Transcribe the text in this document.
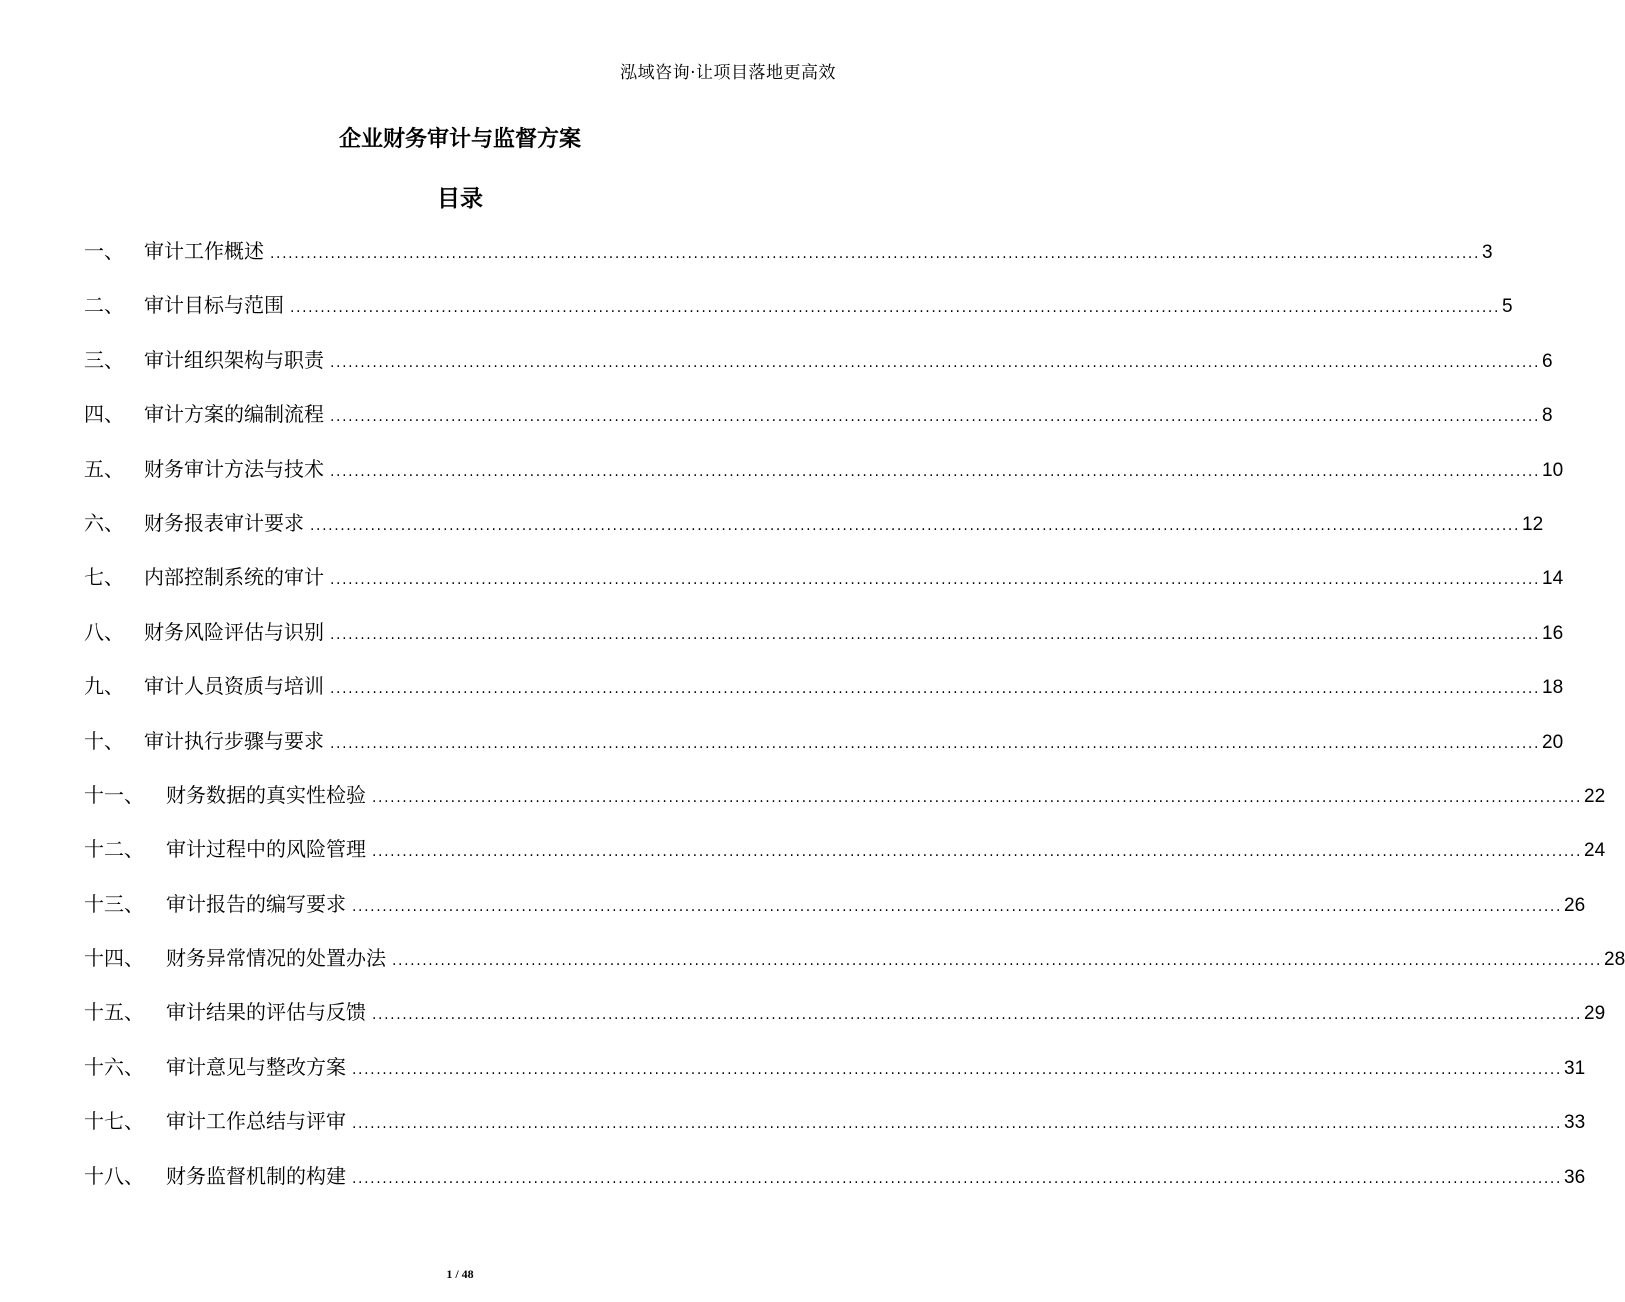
泓域咨询·让项目落地更高效
企业财务审计与监督方案
目录
一、	审计工作概述 ........................................................................................................................................................................................................ 3
二、	审计目标与范围 ........................................................................................................................................................................................................ 5
三、	审计组织架构与职责 ........................................................................................................................................................................................................ 6
四、	审计方案的编制流程 ........................................................................................................................................................................................................ 8
五、	财务审计方法与技术 ........................................................................................................................................................................................................ 10
六、	财务报表审计要求 ........................................................................................................................................................................................................ 12
七、	内部控制系统的审计 ........................................................................................................................................................................................................ 14
八、	财务风险评估与识别 ........................................................................................................................................................................................................ 16
九、	审计人员资质与培训 ........................................................................................................................................................................................................ 18
十、	审计执行步骤与要求 ........................................................................................................................................................................................................ 20
十一、	财务数据的真实性检验 ........................................................................................................................................................................................................ 22
十二、	审计过程中的风险管理 ........................................................................................................................................................................................................ 24
十三、	审计报告的编写要求 ........................................................................................................................................................................................................ 26
十四、	财务异常情况的处置办法 ........................................................................................................................................................................................................ 28
十五、	审计结果的评估与反馈 ........................................................................................................................................................................................................ 29
十六、	审计意见与整改方案 ........................................................................................................................................................................................................ 31
十七、	审计工作总结与评审 ........................................................................................................................................................................................................ 33
十八、	财务监督机制的构建 ........................................................................................................................................................................................................ 36
1 / 48
